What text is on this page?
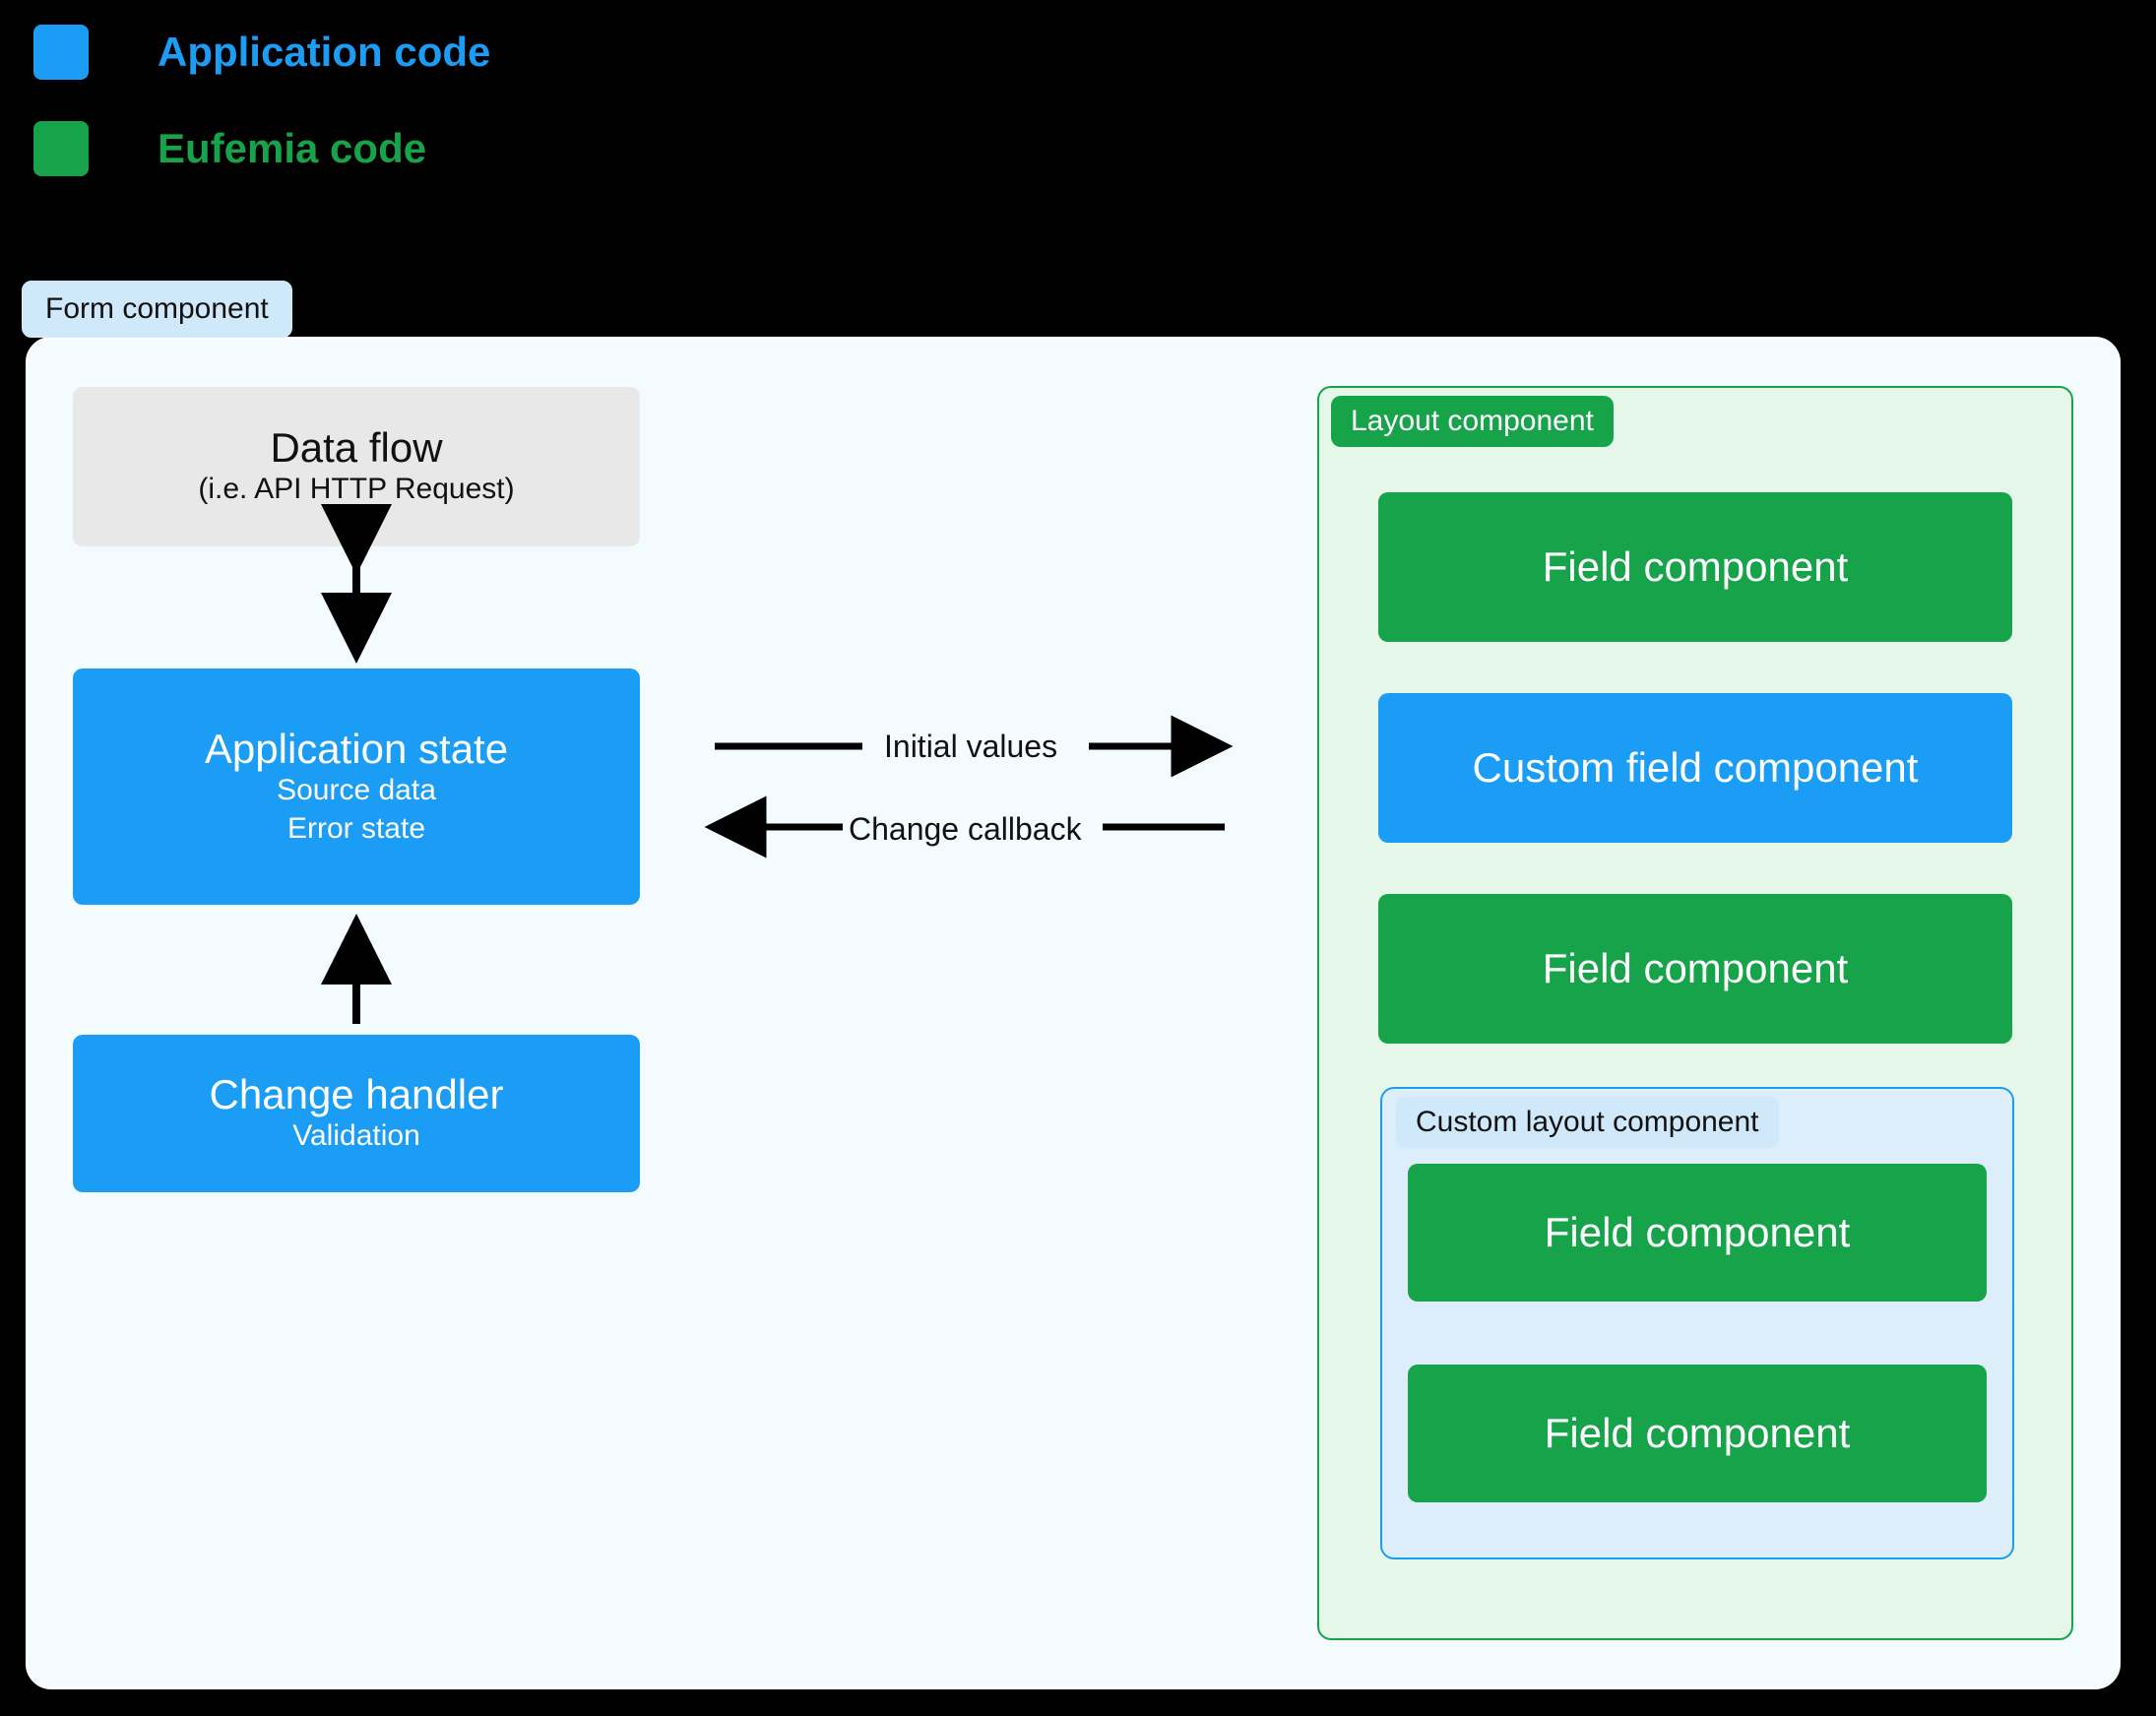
Application code
Eufemia code
Form component
Data flow
(i.e. API HTTP Request)
Application state
Source data
Error state
Change handler
Validation
Initial values
Change callback
Layout component
Field component
Custom field component
Field component
Custom layout component
Field component
Field component
